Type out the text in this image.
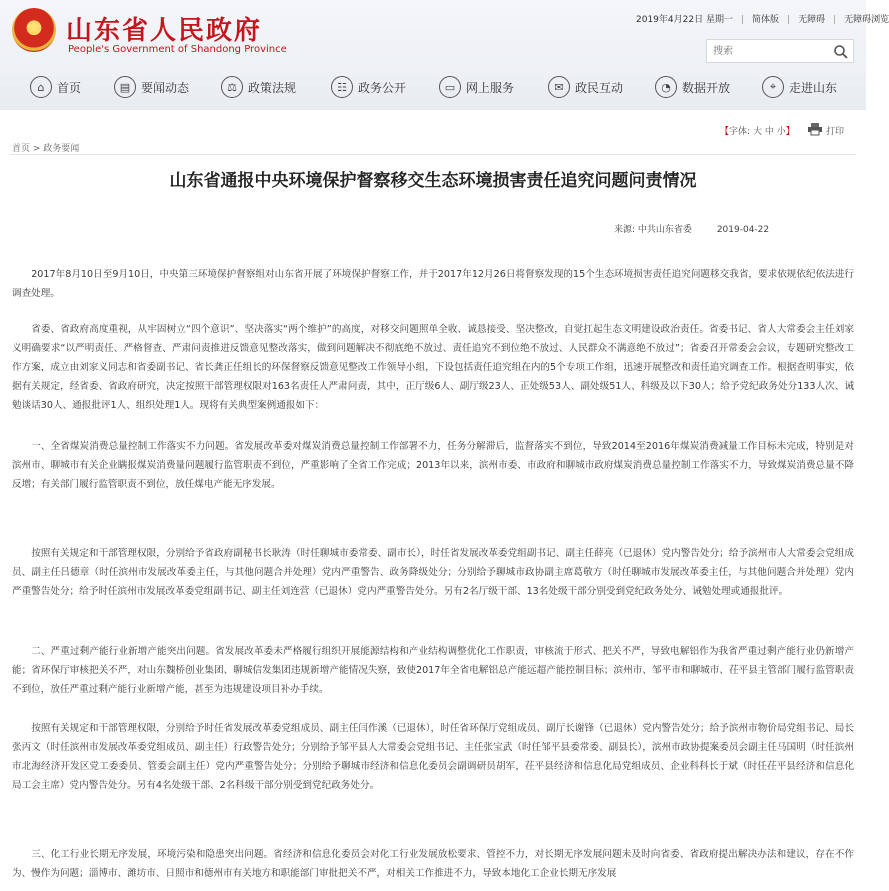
★
山东省人民政府
People's Government of Shandong Province
2019年4月22日 星期一 | 简体版 | 无障碍 | 无障碍浏览
搜索
⌂	首页	▤ 要闻动态	⚖ 政策法规	☷ 政务公开	▭ 网上服务	✉ 政民互动	◔ 数据开放	⌖	走进山东
【字体: 大 中 小】	打印
首页 > 政务要闻
山东省通报中央环境保护督察移交生态环境损害责任追究问题问责情况
来源: 中共山东省委	2019-04-22

2017年8月10日至9月10日，中央第三环境保护督察组对山东省开展了环境保护督察工作，并于2017年12月26日将督察发现的15个生态环境损害责任追究问题移交我省，要求依规依纪依法进行调查处理。

省委、省政府高度重视，从牢固树立“四个意识”、坚决落实“两个维护”的高度，对移交问题照单全收、诚恳接受、坚决整改，自觉扛起生态文明建设政治责任。省委书记、省人大常委会主任刘家义明确要求“以严明责任、严格督查、严肃问责推进反馈意见整改落实，做到问题解决不彻底绝不放过、责任追究不到位绝不放过、人民群众不满意绝不放过”；省委召开常委会会议，专题研究整改工作方案，成立由刘家义同志和省委副书记、省长龚正任组长的环保督察反馈意见整改工作领导小组，下设包括责任追究组在内的5个专项工作组，迅速开展整改和责任追究调查工作。根据查明事实，依据有关规定，经省委、省政府研究，决定按照干部管理权限对163名责任人严肃问责，其中，正厅级6人、副厅级23人、正处级53人、副处级51人、科级及以下30人；给予党纪政务处分133人次、诫勉谈话30人、通报批评1人、组织处理1人。现将有关典型案例通报如下：

一、全省煤炭消费总量控制工作落实不力问题。省发展改革委对煤炭消费总量控制工作部署不力，任务分解滞后，监督落实不到位，导致2014至2016年煤炭消费减量工作目标未完成，特别是对滨州市、聊城市有关企业瞒报煤炭消费量问题履行监管职责不到位，严重影响了全省工作完成；2013年以来，滨州市委、市政府和聊城市政府煤炭消费总量控制工作落实不力，导致煤炭消费总量不降反增；有关部门履行监管职责不到位，放任煤电产能无序发展。

按照有关规定和干部管理权限，分别给予省政府副秘书长耿涛（时任聊城市委常委、副市长），时任省发展改革委党组副书记、副主任薛亮（已退休）党内警告处分；给予滨州市人大常委会党组成员、副主任吕德章（时任滨州市发展改革委主任，与其他问题合并处理）党内严重警告、政务降级处分；分别给予聊城市政协副主席葛敬方（时任聊城市发展改革委主任，与其他问题合并处理）党内严重警告处分；给予时任滨州市发展改革委党组副书记、副主任刘连营（已退休）党内严重警告处分。另有2名厅级干部、13名处级干部分别受到党纪政务处分、诫勉处理或通报批评。

二、严重过剩产能行业新增产能突出问题。省发展改革委未严格履行组织开展能源结构和产业结构调整优化工作职责，审核流于形式、把关不严，导致电解铝作为我省严重过剩产能行业仍新增产能；省环保厅审核把关不严，对山东魏桥创业集团、聊城信发集团违规新增产能情况失察，致使2017年全省电解铝总产能远超产能控制目标；滨州市、邹平市和聊城市、茌平县主管部门履行监管职责不到位，放任严重过剩产能行业新增产能，甚至为违规建设项目补办手续。

按照有关规定和干部管理权限，分别给予时任省发展改革委党组成员、副主任闫作溪（已退休），时任省环保厅党组成员、副厅长谢锋（已退休）党内警告处分；给予滨州市物价局党组书记、局长张丙文（时任滨州市发展改革委党组成员、副主任）行政警告处分；分别给予邹平县人大常委会党组书记、主任张宝武（时任邹平县委常委、副县长），滨州市政协提案委员会副主任马国明（时任滨州市北海经济开发区党工委委员、管委会副主任）党内严重警告处分；分别给予聊城市经济和信息化委员会副调研员胡军，茌平县经济和信息化局党组成员、企业科科长于斌（时任茌平县经济和信息化局工会主席）党内警告处分。另有4名处级干部、2名科级干部分别受到党纪政务处分。

三、化工行业长期无序发展，环境污染和隐患突出问题。省经济和信息化委员会对化工行业发展放松要求、管控不力，对长期无序发展问题未及时向省委、省政府提出解决办法和建议，存在不作为、慢作为问题；淄博市、潍坊市、日照市和德州市有关地方和职能部门审批把关不严，对相关工作推进不力，导致本地化工企业长期无序发展
